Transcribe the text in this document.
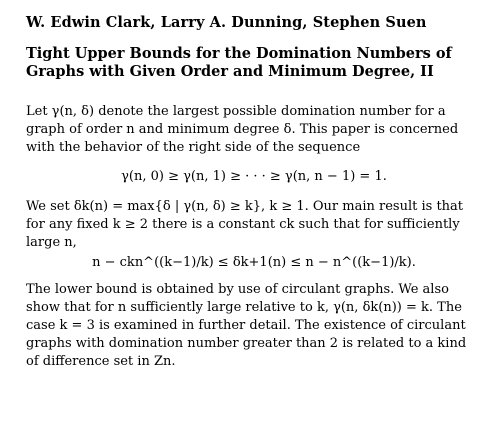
W. Edwin Clark, Larry A. Dunning, Stephen Suen
Tight Upper Bounds for the Domination Numbers of
Graphs with Given Order and Minimum Degree, II

Let γ(n, δ) denote the largest possible domination number for a

graph of order n and minimum degree δ. This paper is concerned

with the behavior of the right side of the sequence

γ(n, 0) ≥ γ(n, 1) ≥ · · · ≥ γ(n, n − 1) = 1.

We set δk(n) = max{δ | γ(n, δ) ≥ k}, k ≥ 1. Our main result is that

for any fixed k ≥ 2 there is a constant ck such that for sufficiently

large n,

n − ckn^((k−1)/k) ≤ δk+1(n) ≤ n − n^((k−1)/k).

The lower bound is obtained by use of circulant graphs. We also

show that for n sufficiently large relative to k, γ(n, δk(n)) = k. The

case k = 3 is examined in further detail. The existence of circulant

graphs with domination number greater than 2 is related to a kind

of difference set in Zn.
